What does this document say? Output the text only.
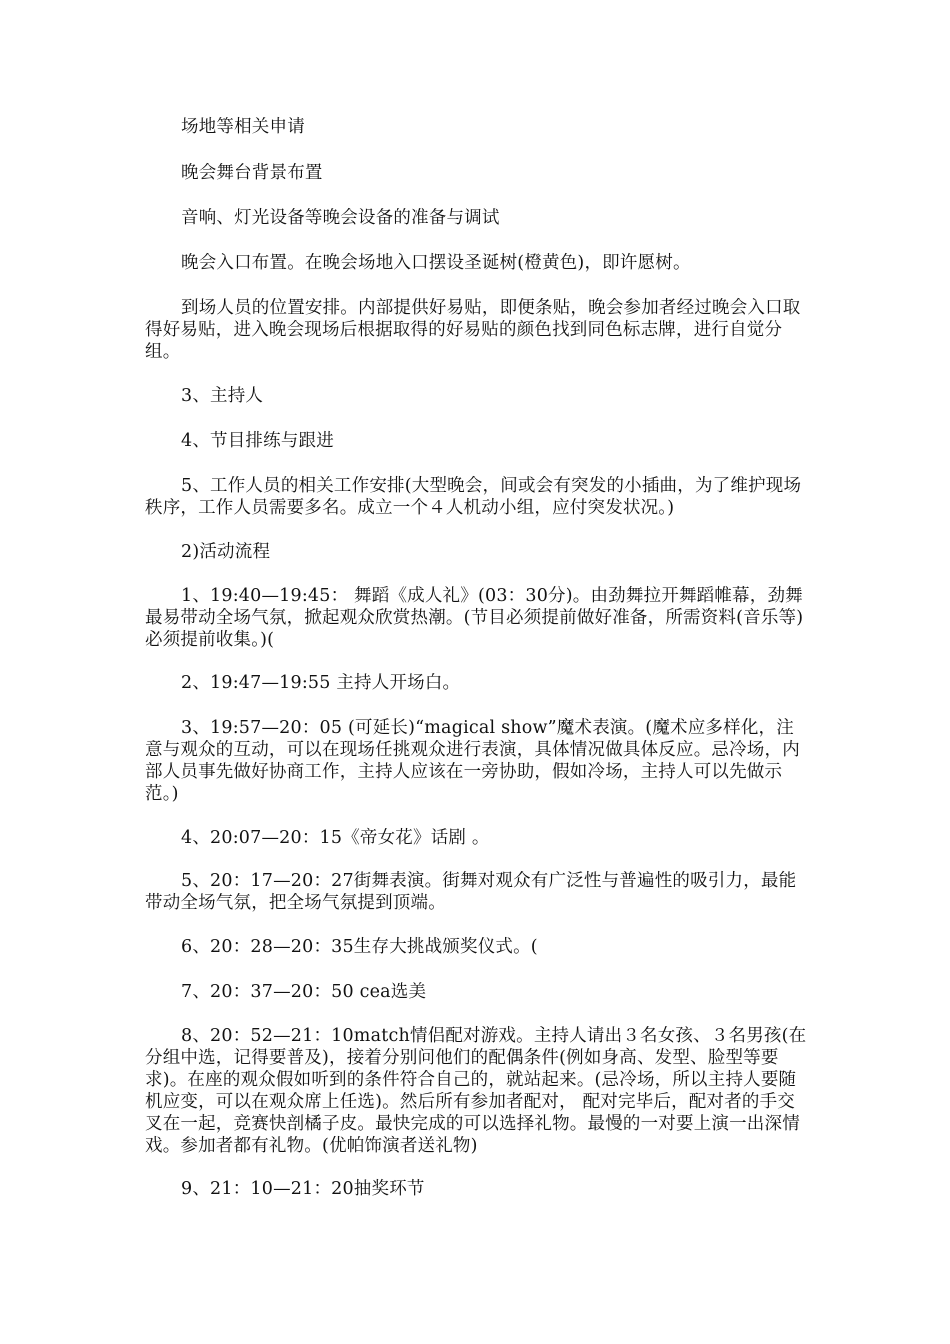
场地等相关申请

晚会舞台背景布置

音响、灯光设备等晚会设备的准备与调试

晚会入口布置。在晚会场地入口摆设圣诞树(橙黄色)，即许愿树。

到场人员的位置安排。内部提供好易贴，即便条贴，晚会参加者经过晚会入口取得好易贴，进入晚会现场后根据取得的好易贴的颜色找到同色标志牌，进行自觉分组。

3、主持人

4、节目排练与跟进

5、工作人员的相关工作安排(大型晚会，间或会有突发的小插曲，为了维护现场秩序，工作人员需要多名。成立一个４人机动小组，应付突发状况。)

2)活动流程

1、19:40—19:45： 舞蹈《成人礼》(03：30分)。由劲舞拉开舞蹈帷幕，劲舞最易带动全场气氛，掀起观众欣赏热潮。(节目必须提前做好准备，所需资料(音乐等)必须提前收集。)(

2、19:47—19:55 主持人开场白。

3、19:57—20：05 (可延长)“magical show”魔术表演。(魔术应多样化，注意与观众的互动，可以在现场任挑观众进行表演，具体情况做具体反应。忌冷场，内部人员事先做好协商工作，主持人应该在一旁协助，假如冷场，主持人可以先做示范。)

4、20:07—20：15《帝女花》话剧 。

5、20：17—20：27街舞表演。街舞对观众有广泛性与普遍性的吸引力，最能带动全场气氛，把全场气氛提到顶端。

6、20：28—20：35生存大挑战颁奖仪式。(

7、20：37—20：50 cea选美

8、20：52—21：10match情侣配对游戏。主持人请出３名女孩、３名男孩(在分组中选，记得要普及)，接着分别问他们的配偶条件(例如身高、发型、脸型等要求)。在座的观众假如听到的条件符合自己的，就站起来。(忌冷场，所以主持人要随机应变，可以在观众席上任选)。然后所有参加者配对， 配对完毕后，配对者的手交叉在一起，竞赛快剖橘子皮。最快完成的可以选择礼物。最慢的一对要上演一出深情戏。参加者都有礼物。(优帕饰演者送礼物)

9、21：10—21：20抽奖环节
